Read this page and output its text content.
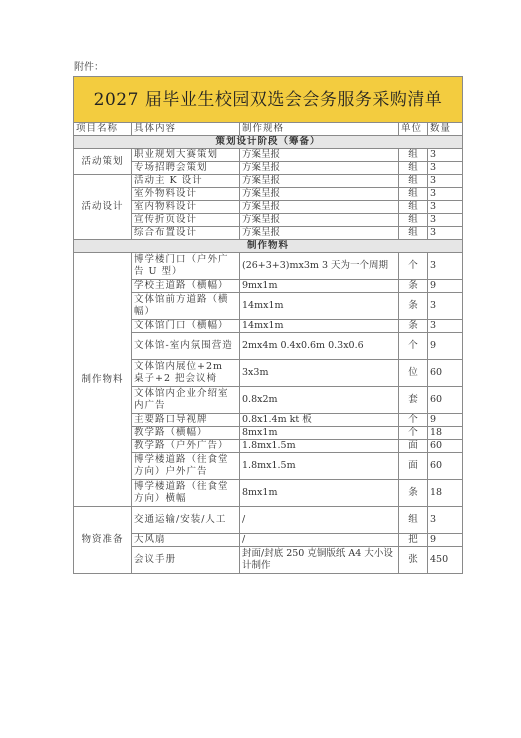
附件：
2027 届毕业生校园双选会会务服务采购清单				
项目名称	具体内容	制作规格	单位	数量
策划设计阶段（筹备）				
活动策划	职业规划大赛策划	方案呈报	组	3
	专场招聘会策划	方案呈报	组	3
活动设计	活动主 K 设计	方案呈报	组	3
	室外物料设计	方案呈报	组	3
	室内物料设计	方案呈报	组	3
	宣传折页设计	方案呈报	组	3
	综合布置设计	方案呈报	组	3
制作物料				
制作物料	博学楼门口（户外广告 U 型）	(26+3+3)mx3m 3 天为一个周期	个	3
	学校主道路（横幅）	9mx1m	条	9
	文体馆前方道路（横幅）	14mx1m	条	3
	文体馆门口（横幅）	14mx1m	条	3
	文体馆-室内氛围营造	2mx4m 0.4x0.6m 0.3x0.6	个	9
	文体馆内展位+2m 桌子+2 把会议椅	3x3m	位	60
	文体馆内企业介绍室内广告	0.8x2m	套	60
	主要路口导视牌	0.8x1.4m kt 板	个	9
	教学路（横幅）	8mx1m	个	18
	教学路（户外广告）	1.8mx1.5m	面	60
	博学楼道路（往食堂方向）户外广告	1.8mx1.5m	面	60
	博学楼道路（往食堂方向）横幅	8mx1m	条	18
物资准备	交通运输/安装/人工	/	组	3
	大风扇	/	把	9
	会议手册	封面/封底 250 克铜版纸 A4 大小设计制作	张	450
